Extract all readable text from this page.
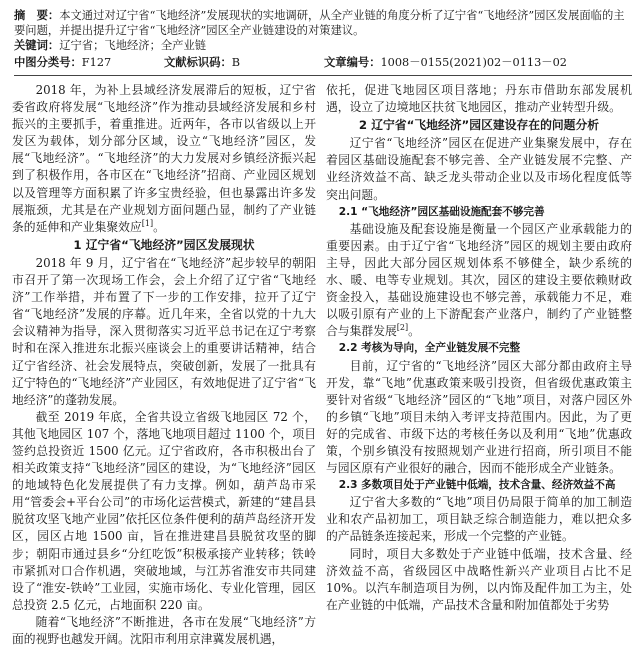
摘　要：本文通过对辽宁省“飞地经济”发展现状的实地调研，从全产业链的角度分析了辽宁省“飞地经济”园区发展面临的主要问题，并提出提升辽宁省“飞地经济”园区全产业链建设的对策建议。
关键词：辽宁省；飞地经济；全产业链
中图分类号：F127	文献标识码：B	文章编号：1008－0155(2021)02－0113－02

2018 年，为补上县域经济发展滞后的短板，辽宁省委省政府将发展“飞地经济”作为推动县域经济发展和乡村振兴的主要抓手，着重推进。近两年，各市以省级以上开发区为载体，划分部分区域，设立“飞地经济”园区，发展“飞地经济”。“飞地经济”的大力发展对乡镇经济振兴起到了积极作用，各市区在“飞地经济”招商、产业园区规划以及管理等方面积累了许多宝贵经验，但也暴露出许多发展瓶颈，尤其是在产业规划方面问题凸显，制约了产业链条的延伸和产业集聚效应[1]。

1 辽宁省“飞地经济”园区发展现状

2018 年 9 月，辽宁省在“飞地经济”起步较早的朝阳市召开了第一次现场工作会，会上介绍了辽宁省“飞地经济”工作举措，并布置了下一步的工作安排，拉开了辽宁省“飞地经济”发展的序幕。近几年来，全省以党的十九大会议精神为指导，深入贯彻落实习近平总书记在辽宁考察时和在深入推进东北振兴座谈会上的重要讲话精神，结合辽宁省经济、社会发展特点，突破创新，发展了一批具有辽宁特色的“飞地经济”产业园区，有效地促进了辽宁省“飞地经济”的蓬勃发展。

截至 2019 年底，全省共设立省级飞地园区 72 个，其他飞地园区 107 个，落地飞地项目超过 1100 个，项目签约总投资近 1500 亿元。辽宁省政府，各市积极出台了相关政策支持“飞地经济”园区的建设，为“飞地经济”园区的地域特色化发展提供了有力支撑。例如，葫芦岛市采用“管委会+平台公司”的市场化运营模式，新建的“建昌县脱贫攻坚飞地产业园”依托区位条件便利的葫芦岛经济开发区，园区占地 1500 亩，旨在推进建昌县脱贫攻坚的脚步；朝阳市通过县乡“分红吃饭”积极承接产业转移；铁岭市紧抓对口合作机遇，突破地域，与江苏省淮安市共同建设了“淮安-铁岭”工业园，实施市场化、专业化管理，园区总投资 2.5 亿元，占地面积 220 亩。

随着“飞地经济”不断推进，各市在发展“飞地经济”方面的视野也越发开阔。沈阳市利用京津冀发展机遇，

依托，促进飞地园区项目落地；丹东市借助东部发展机遇，设立了边境地区扶贫飞地园区，推动产业转型升级。

2 辽宁省“飞地经济”园区建设存在的问题分析

辽宁省“飞地经济”园区在促进产业集聚发展中，存在着园区基础设施配套不够完善、全产业链发展不完整、产业经济效益不高、缺乏龙头带动企业以及市场化程度低等突出问题。

2.1 “飞地经济”园区基础设施配套不够完善

基础设施及配套设施是衡量一个园区产业承载能力的重要因素。由于辽宁省“飞地经济”园区的规划主要由政府主导，因此大部分园区规划体系不够健全，缺少系统的水、暖、电等专业规划。其次，园区的建设主要依赖财政资金投入，基础设施建设也不够完善，承载能力不足，难以吸引原有产业的上下游配套产业落户，制约了产业链整合与集群发展[2]。

2.2 考核为导向，全产业链发展不完整

目前，辽宁省的“飞地经济”园区大部分都由政府主导开发，靠“飞地”优惠政策来吸引投资，但省级优惠政策主要针对省级“飞地经济”园区的“飞地”项目，对落户园区外的乡镇“飞地”项目未纳入考评支持范围内。因此，为了更好的完成省、市级下达的考核任务以及利用“飞地”优惠政策，个别乡镇没有按照规划产业进行招商，所引项目不能与园区原有产业很好的融合，因而不能形成全产业链条。

2.3 多数项目处于产业链中低端，技术含量、经济效益不高

辽宁省大多数的“飞地”项目仍局限于简单的加工制造业和农产品初加工，项目缺乏综合制造能力，难以把众多的产品链条连接起来，形成一个完整的产业链。

同时，项目大多数处于产业链中低端，技术含量、经济效益不高，省级园区中战略性新兴产业项目占比不足 10%。以汽车制造项目为例，以内饰及配件加工为主，处在产业链的中低端，产品技术含量和附加值都处于劣势
